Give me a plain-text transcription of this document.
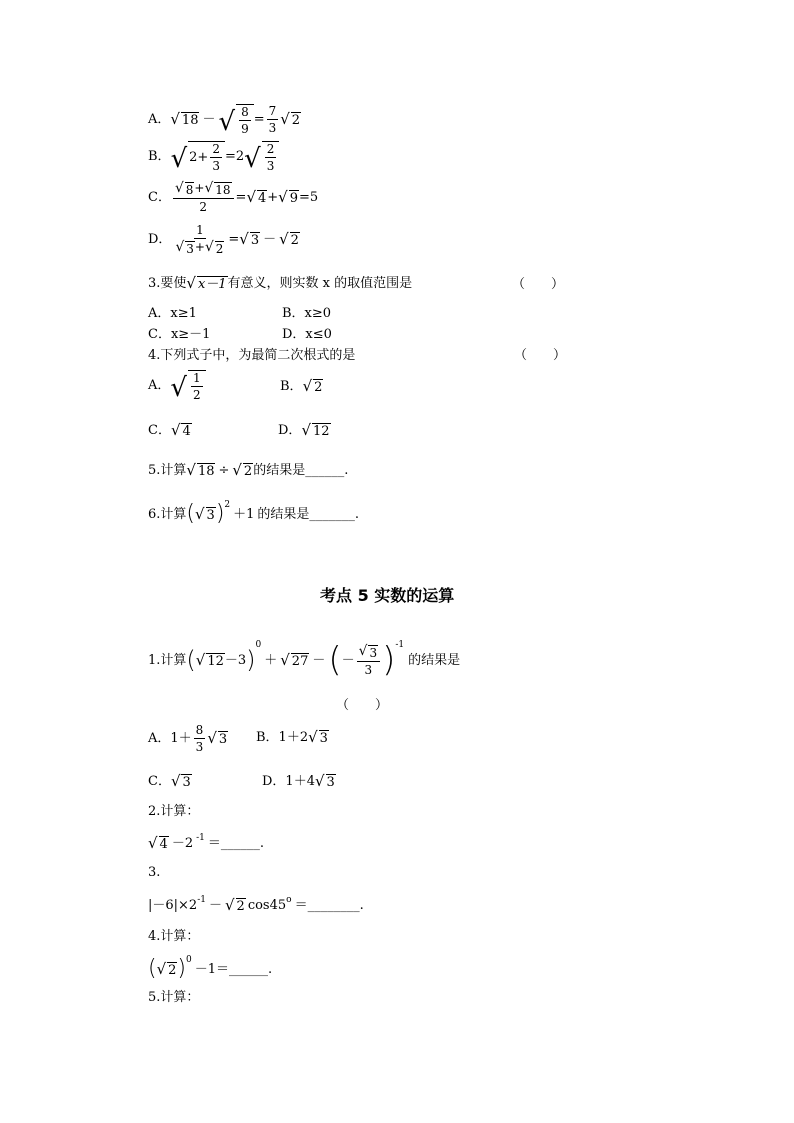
A． √ 18 － √ $\frac{8}{9} = \frac{7}{3}$ √ 2
B． √ $2+ \frac{2}{3} =2$ √ $\frac{2}{3}$
C． $\frac{√ 8 + √ 18}{2}$ = √ 4 + √ 9 =5
D． $\frac{1}{√ 3 + √ 2}$ = √ 3 － √ 2
3.要使 √ x－1 有意义，则实数 x 的取值范围是	（　　）
A．x≥1	B．x≥0
C．x≥－1	D．x≤0
4.下列式子中，为最简二次根式的是	（　　）
A． √ $\frac{1}{2}$	B． √ 2
C． √ 4	D． √ 12
5.计算 √ 18 ÷ √ 2 的结果是______.
6.计算 ( √ 3 ) 2
＋1 的结果是_______.
考点 5 实数的运算
1.计算 ( √ 12 －3 )
0
＋ √ 27 － ( － $\frac{√ 3}{3}$ ) -1
的结果是
（　　）
A．$1+ \frac{8}{3}$ √ 3 B．1＋2 √ 3
C． √ 3	D．1＋4 √ 3
2.计算：
√ 4 －2 -1 ＝______.
3.
|－6|×2 -1 － √ 2 cos45 o ＝________.
4.计算：
( √ 2 ) 0
－1＝______.
5.计算：
